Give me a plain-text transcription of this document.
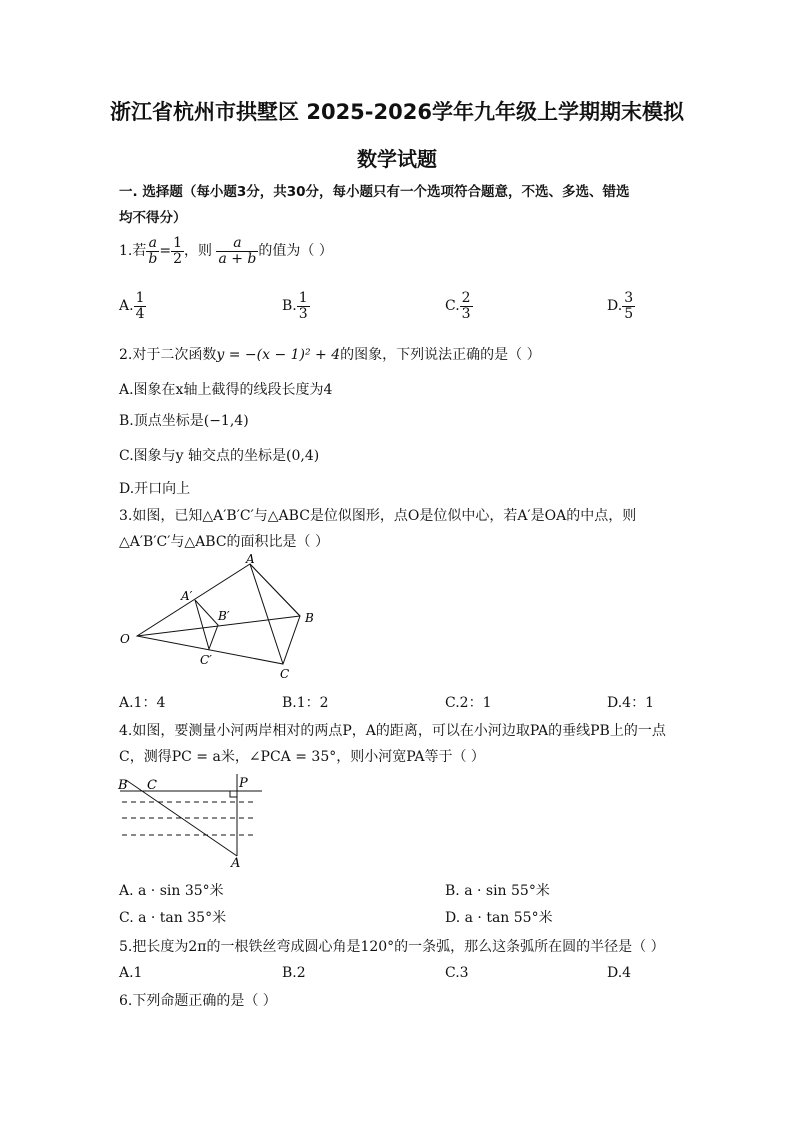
浙江省杭州市拱墅区 2025-2026学年九年级上学期期末模拟
数学试题
一. 选择题（每小题3分，共30分，每小题只有一个选项符合题意，不选、多选、错选
均不得分）
1.若 $\frac{a}{b} = \frac{1}{2}$ ，则 $\frac{a}{a + b}$ 的值为（ ）
A. $\frac{1}{4}$	B. $\frac{1}{3}$	C. $\frac{2}{3}$	D. $\frac{3}{5}$
2.对于二次函数y = −(x − 1)² + 4的图象，下列说法正确的是（ ）
A.图象在x轴上截得的线段长度为4
B.顶点坐标是(−1,4)
C.图象与y 轴交点的坐标是(0,4)
D.开口向上
3.如图，已知△A′B′C′与△ABC是位似图形，点O是位似中心，若A′是OA的中点，则
△A′B′C′与△ABC的面积比是（ ）
A
B
C
O
A′
B′
C′
A.1：4	B.1：2	C.2：1	D.4：1
4.如图，要测量小河两岸相对的两点P，A的距离，可以在小河边取PA的垂线PB上的一点
C，测得PC = a米，∠PCA = 35°，则小河宽PA等于（ ）
B C	P
A
A. a · sin 35°米	B. a · sin 55°米
C. a · tan 35°米	D. a · tan 55°米
5.把长度为2π的一根铁丝弯成圆心角是120°的一条弧，那么这条弧所在圆的半径是（ ）
A.1	B.2	C.3	D.4
6.下列命题正确的是（ ）
